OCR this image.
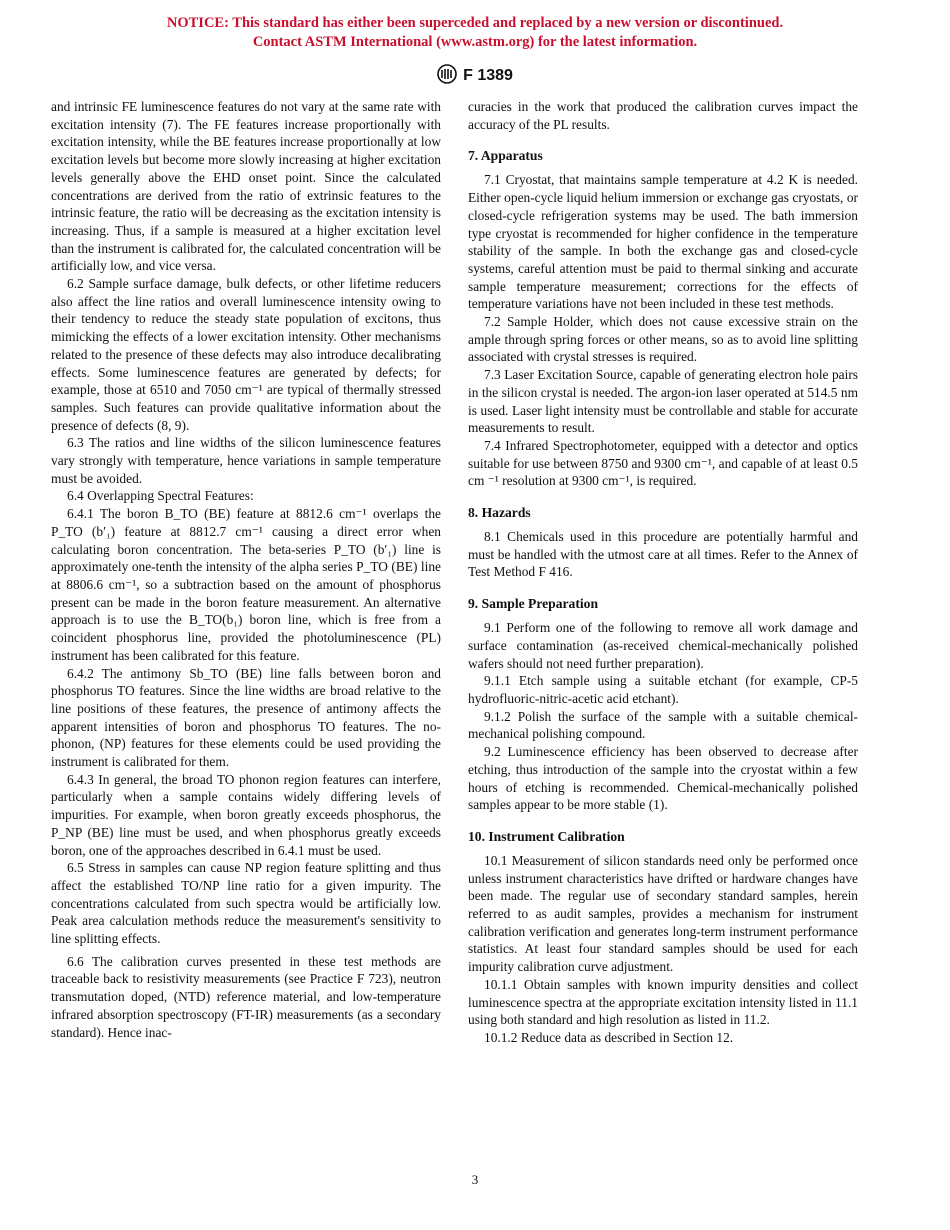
NOTICE: This standard has either been superceded and replaced by a new version or discontinued.
Contact ASTM International (www.astm.org) for the latest information.
F 1389

and intrinsic FE luminescence features do not vary at the same rate with excitation intensity (7). The FE features increase proportionally with excitation intensity, while the BE features increase proportionally at low excitation levels but become more slowly increasing at higher excitation levels generally above the EHD onset point. Since the calculated concentrations are derived from the ratio of extrinsic features to the intrinsic feature, the ratio will be decreasing as the excitation intensity is increasing. Thus, if a sample is measured at a higher excitation level than the instrument is calibrated for, the calculated concentration will be artificially low, and vice versa.

6.2 Sample surface damage, bulk defects, or other lifetime reducers also affect the line ratios and overall luminescence intensity owing to their tendency to reduce the steady state population of excitons, thus mimicking the effects of a lower excitation intensity. Other mechanisms related to the presence of these defects may also introduce decalibrating effects. Some luminescence features are generated by defects; for example, those at 6510 and 7050 cm⁻¹ are typical of thermally stressed samples. Such features can provide qualitative information about the presence of defects (8, 9).

6.3 The ratios and line widths of the silicon luminescence features vary strongly with temperature, hence variations in sample temperature must be avoided.

6.4 Overlapping Spectral Features:

6.4.1 The boron B_TO (BE) feature at 8812.6 cm⁻¹ overlaps the P_TO (b′₁) feature at 8812.7 cm⁻¹ causing a direct error when calculating boron concentration. The beta-series P_TO (b′₁) line is approximately one-tenth the intensity of the alpha series P_TO (BE) line at 8806.6 cm⁻¹, so a subtraction based on the amount of phosphorus present can be made in the boron feature measurement. An alternative approach is to use the B_TO(b₁) boron line, which is free from a coincident phosphorus line, provided the photoluminescence (PL) instrument has been calibrated for this feature.

6.4.2 The antimony Sb_TO (BE) line falls between boron and phosphorus TO features. Since the line widths are broad relative to the line positions of these features, the presence of antimony affects the apparent intensities of boron and phosphorus TO features. The no-phonon, (NP) features for these elements could be used providing the instrument is calibrated for them.

6.4.3 In general, the broad TO phonon region features can interfere, particularly when a sample contains widely differing levels of impurities. For example, when boron greatly exceeds phosphorus, the P_NP (BE) line must be used, and when phosphorus greatly exceeds boron, one of the approaches described in 6.4.1 must be used.

6.5 Stress in samples can cause NP region feature splitting and thus affect the established TO/NP line ratio for a given impurity. The concentrations calculated from such spectra would be artificially low. Peak area calculation methods reduce the measurement's sensitivity to line splitting effects.

6.6 The calibration curves presented in these test methods are traceable back to resistivity measurements (see Practice F 723), neutron transmutation doped, (NTD) reference material, and low-temperature infrared absorption spectroscopy (FT-IR) measurements (as a secondary standard). Hence inac-

curacies in the work that produced the calibration curves impact the accuracy of the PL results.

7. Apparatus

7.1 Cryostat, that maintains sample temperature at 4.2 K is needed. Either open-cycle liquid helium immersion or exchange gas cryostats, or closed-cycle refrigeration systems may be used. The bath immersion type cryostat is recommended for higher confidence in the temperature stability of the sample. In both the exchange gas and closed-cycle systems, careful attention must be paid to thermal sinking and accurate sample temperature measurement; corrections for the effects of temperature variations have not been included in these test methods.

7.2 Sample Holder, which does not cause excessive strain on the ample through spring forces or other means, so as to avoid line splitting associated with crystal stresses is required.

7.3 Laser Excitation Source, capable of generating electron hole pairs in the silicon crystal is needed. The argon-ion laser operated at 514.5 nm is used. Laser light intensity must be controllable and stable for accurate measurements to result.

7.4 Infrared Spectrophotometer, equipped with a detector and optics suitable for use between 8750 and 9300 cm⁻¹, and capable of at least 0.5 cm ⁻¹ resolution at 9300 cm⁻¹, is required.

8. Hazards

8.1 Chemicals used in this procedure are potentially harmful and must be handled with the utmost care at all times. Refer to the Annex of Test Method F 416.

9. Sample Preparation

9.1 Perform one of the following to remove all work damage and surface contamination (as-received chemical-mechanically polished wafers should not need further preparation).

9.1.1 Etch sample using a suitable etchant (for example, CP-5 hydrofluoric-nitric-acetic acid etchant).

9.1.2 Polish the surface of the sample with a suitable chemical-mechanical polishing compound.

9.2 Luminescence efficiency has been observed to decrease after etching, thus introduction of the sample into the cryostat within a few hours of etching is recommended. Chemical-mechanically polished samples appear to be more stable (1).

10. Instrument Calibration

10.1 Measurement of silicon standards need only be performed once unless instrument characteristics have drifted or hardware changes have been made. The regular use of secondary standard samples, herein referred to as audit samples, provides a mechanism for instrument calibration verification and generates long-term instrument performance statistics. At least four standard samples should be used for each impurity calibration curve adjustment.

10.1.1 Obtain samples with known impurity densities and collect luminescence spectra at the appropriate excitation intensity listed in 11.1 using both standard and high resolution as listed in 11.2.

10.1.2 Reduce data as described in Section 12.

3
